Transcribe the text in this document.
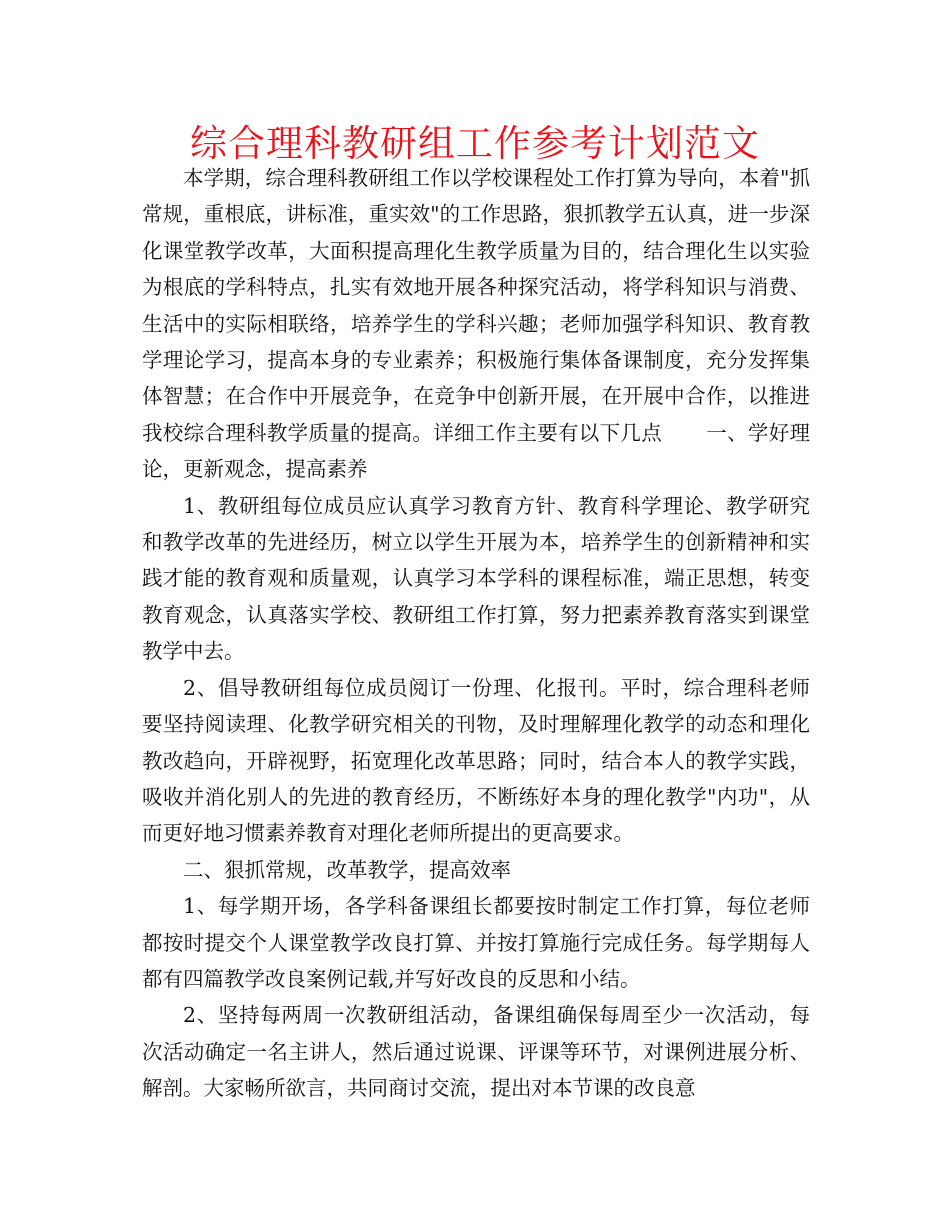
综合理科教研组工作参考计划范文

本学期，综合理科教研组工作以学校课程处工作打算为导向，本着"抓常规，重根底，讲标准，重实效"的工作思路，狠抓教学五认真，进一步深化课堂教学改革，大面积提高理化生教学质量为目的，结合理化生以实验为根底的学科特点，扎实有效地开展各种探究活动，将学科知识与消费、生活中的实际相联络，培养学生的学科兴趣；老师加强学科知识、教育教学理论学习，提高本身的专业素养；积极施行集体备课制度，充分发挥集体智慧；在合作中开展竞争，在竞争中创新开展，在开展中合作，以推进我校综合理科教学质量的提高。详细工作主要有以下几点 一、学好理论，更新观念，提高素养

1、教研组每位成员应认真学习教育方针、教育科学理论、教学研究和教学改革的先进经历，树立以学生开展为本，培养学生的创新精神和实践才能的教育观和质量观，认真学习本学科的课程标准，端正思想，转变教育观念，认真落实学校、教研组工作打算，努力把素养教育落实到课堂教学中去。

2、倡导教研组每位成员阅订一份理、化报刊。平时，综合理科老师要坚持阅读理、化教学研究相关的刊物，及时理解理化教学的动态和理化教改趋向，开辟视野，拓宽理化改革思路；同时，结合本人的教学实践，吸收并消化别人的先进的教育经历，不断练好本身的理化教学"内功"，从而更好地习惯素养教育对理化老师所提出的更高要求。

二、狠抓常规，改革教学，提高效率

1、每学期开场，各学科备课组长都要按时制定工作打算，每位老师都按时提交个人课堂教学改良打算、并按打算施行完成任务。每学期每人都有四篇教学改良案例记载,并写好改良的反思和小结。

2、坚持每两周一次教研组活动，备课组确保每周至少一次活动，每次活动确定一名主讲人，然后通过说课、评课等环节，对课例进展分析、解剖。大家畅所欲言，共同商讨交流，提出对本节课的改良意
